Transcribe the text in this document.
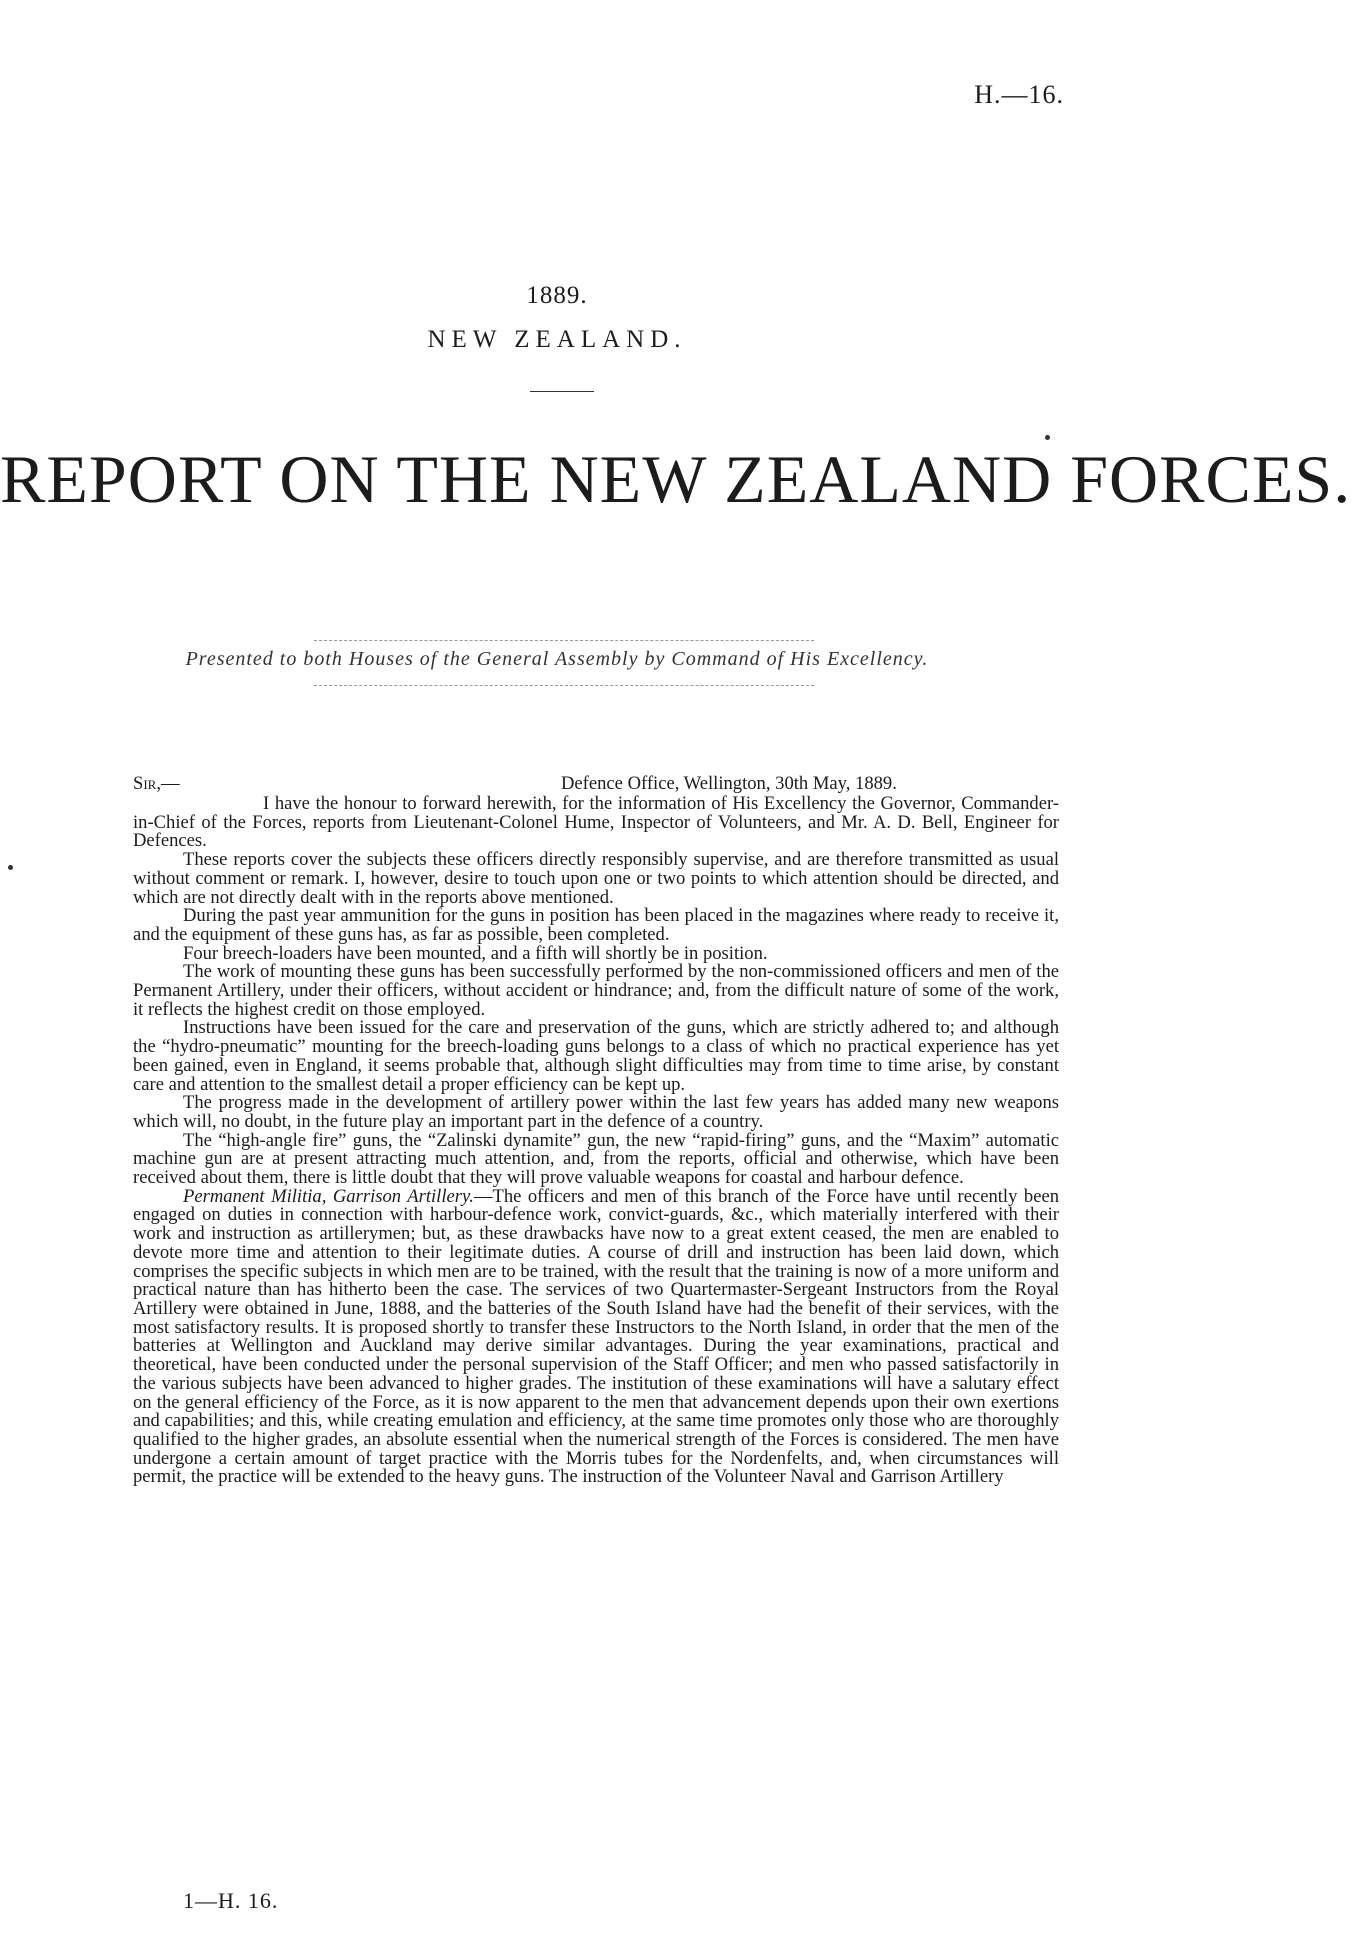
H.—16.
1889.
NEW ZEALAND.
REPORT ON THE NEW ZEALAND FORCES.
Presented to both Houses of the General Assembly by Command of His Excellency.
Sir,—	Defence Office, Wellington, 30th May, 1889.

I have the honour to forward herewith, for the information of His Excellency the Governor, Commander-in-Chief of the Forces, reports from Lieutenant-Colonel Hume, Inspector of Volunteers, and Mr. A. D. Bell, Engineer for Defences.

These reports cover the subjects these officers directly responsibly supervise, and are therefore transmitted as usual without comment or remark. I, however, desire to touch upon one or two points to which attention should be directed, and which are not directly dealt with in the reports above mentioned.

During the past year ammunition for the guns in position has been placed in the magazines where ready to receive it, and the equipment of these guns has, as far as possible, been completed.

Four breech-loaders have been mounted, and a fifth will shortly be in position.

The work of mounting these guns has been successfully performed by the non-commissioned officers and men of the Permanent Artillery, under their officers, without accident or hindrance; and, from the difficult nature of some of the work, it reflects the highest credit on those employed.

Instructions have been issued for the care and preservation of the guns, which are strictly adhered to; and although the “hydro-pneumatic” mounting for the breech-loading guns belongs to a class of which no practical experience has yet been gained, even in England, it seems probable that, although slight difficulties may from time to time arise, by constant care and attention to the smallest detail a proper efficiency can be kept up.

The progress made in the development of artillery power within the last few years has added many new weapons which will, no doubt, in the future play an important part in the defence of a country.

The “high-angle fire” guns, the “Zalinski dynamite” gun, the new “rapid-firing” guns, and the “Maxim” automatic machine gun are at present attracting much attention, and, from the reports, official and otherwise, which have been received about them, there is little doubt that they will prove valuable weapons for coastal and harbour defence.

Permanent Militia, Garrison Artillery.—The officers and men of this branch of the Force have until recently been engaged on duties in connection with harbour-defence work, convict-guards, &c., which materially interfered with their work and instruction as artillerymen; but, as these drawbacks have now to a great extent ceased, the men are enabled to devote more time and attention to their legitimate duties. A course of drill and instruction has been laid down, which comprises the specific subjects in which men are to be trained, with the result that the training is now of a more uniform and practical nature than has hitherto been the case. The services of two Quartermaster-Sergeant Instructors from the Royal Artillery were obtained in June, 1888, and the batteries of the South Island have had the benefit of their services, with the most satisfactory results. It is proposed shortly to transfer these Instructors to the North Island, in order that the men of the batteries at Wellington and Auckland may derive similar advantages. During the year examinations, practical and theoretical, have been conducted under the personal supervision of the Staff Officer; and men who passed satisfactorily in the various subjects have been advanced to higher grades. The institution of these examinations will have a salutary effect on the general efficiency of the Force, as it is now apparent to the men that advancement depends upon their own exertions and capabilities; and this, while creating emulation and efficiency, at the same time promotes only those who are thoroughly qualified to the higher grades, an absolute essential when the numerical strength of the Forces is considered. The men have undergone a certain amount of target practice with the Morris tubes for the Nordenfelts, and, when circumstances will permit, the practice will be extended to the heavy guns. The instruction of the Volunteer Naval and Garrison Artillery

1—H. 16.
